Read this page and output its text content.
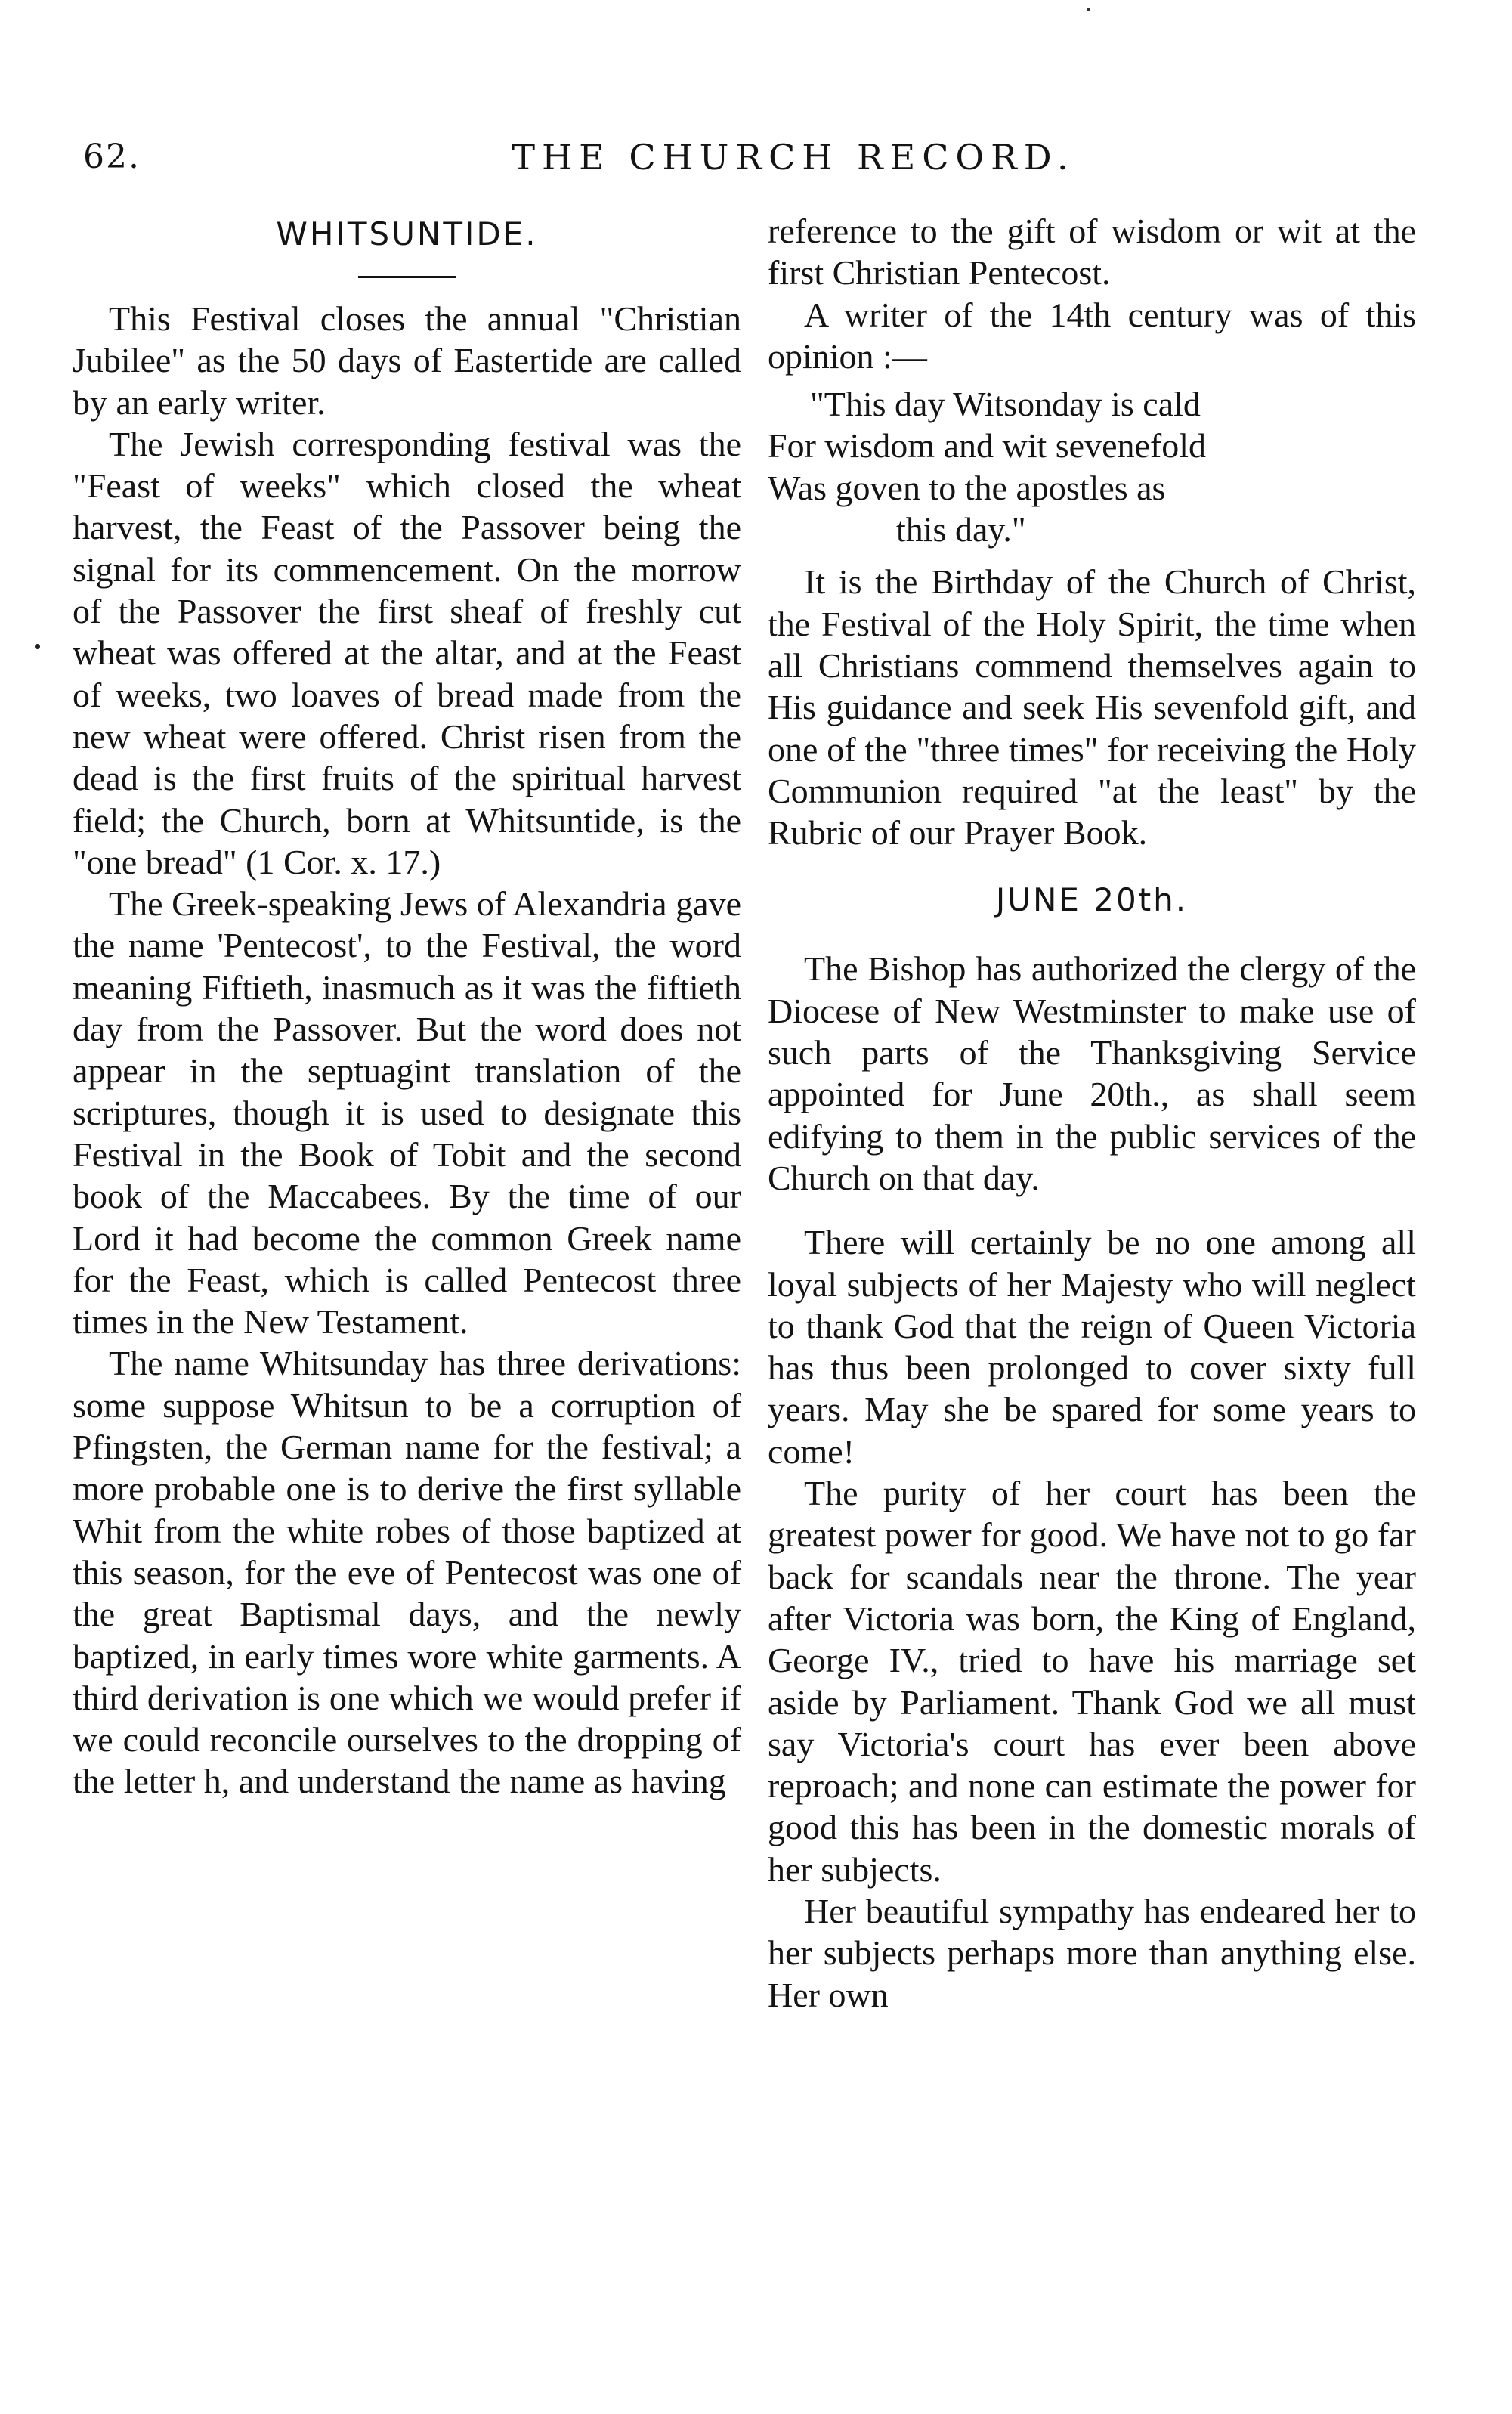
62.	THE CHURCH RECORD.
WHITSUNTIDE.

This Festival closes the annual "Christian Jubilee" as the 50 days of Eastertide are called by an early writer.

The Jewish corresponding festival was the "Feast of weeks" which closed the wheat harvest, the Feast of the Passover being the signal for its commencement. On the morrow of the Passover the first sheaf of freshly cut wheat was offered at the altar, and at the Feast of weeks, two loaves of bread made from the new wheat were offered. Christ risen from the dead is the first fruits of the spiritual harvest field; the Church, born at Whitsuntide, is the "one bread" (1 Cor. x. 17.)

The Greek-speaking Jews of Alexandria gave the name 'Pentecost', to the Festival, the word meaning Fiftieth, inasmuch as it was the fiftieth day from the Passover. But the word does not appear in the septuagint translation of the scriptures, though it is used to designate this Festival in the Book of Tobit and the second book of the Maccabees. By the time of our Lord it had become the common Greek name for the Feast, which is called Pentecost three times in the New Testament.

The name Whitsunday has three derivations: some suppose Whitsun to be a corruption of Pfingsten, the German name for the festival; a more probable one is to derive the first syllable Whit from the white robes of those baptized at this season, for the eve of Pentecost was one of the great Baptismal days, and the newly baptized, in early times wore white garments. A third derivation is one which we would prefer if we could reconcile ourselves to the dropping of the letter h, and understand the name as having

reference to the gift of wisdom or wit at the first Christian Pentecost.

A writer of the 14th century was of this opinion :—

"This day Witsonday is cald
For wisdom and wit sevenefold
Was goven to the apostles as
this day."

It is the Birthday of the Church of Christ, the Festival of the Holy Spirit, the time when all Christians commend themselves again to His guidance and seek His sevenfold gift, and one of the "three times" for receiving the Holy Communion required "at the least" by the Rubric of our Prayer Book.

JUNE 20th.

The Bishop has authorized the clergy of the Diocese of New Westminster to make use of such parts of the Thanksgiving Service appointed for June 20th., as shall seem edifying to them in the public services of the Church on that day.

There will certainly be no one among all loyal subjects of her Majesty who will neglect to thank God that the reign of Queen Victoria has thus been prolonged to cover sixty full years. May she be spared for some years to come!

The purity of her court has been the greatest power for good. We have not to go far back for scandals near the throne. The year after Victoria was born, the King of England, George IV., tried to have his marriage set aside by Parliament. Thank God we all must say Victoria's court has ever been above reproach; and none can estimate the power for good this has been in the domestic morals of her subjects.

Her beautiful sympathy has endeared her to her subjects perhaps more than anything else. Her own
